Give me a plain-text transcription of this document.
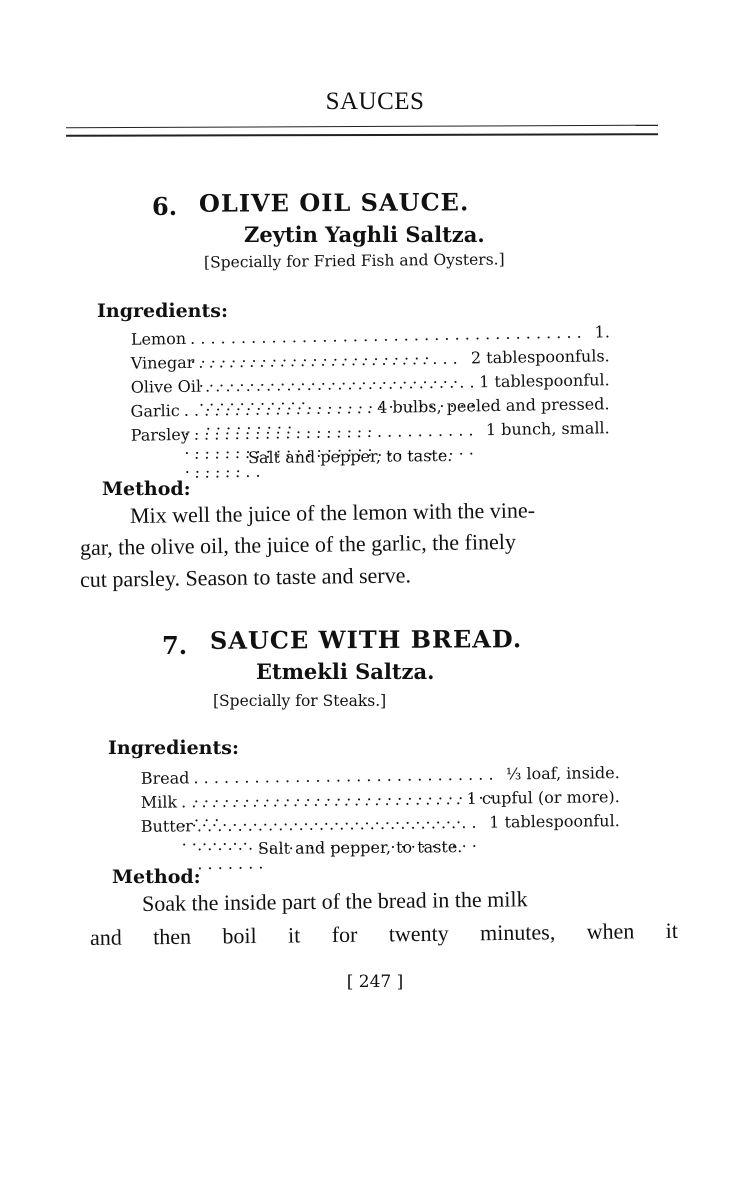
SAUCES
6. OLIVE OIL SAUCE.
Zeytin Yaghli Saltza.
[Specially for Fried Fish and Oysters.]
Ingredients:
Lemon . . .	1.
Vinegar . . .	2 tablespoonfuls.
Olive Oil . . .	1 tablespoonful.
Garlic . . .	4 bulbs, peeled and pressed.
Parsley . . .	1 bunch, small.
Salt and pepper, to taste.
Method:
Mix well the juice of the lemon with the vine-
gar, the olive oil, the juice of the garlic, the finely
cut parsley. Season to taste and serve.
7. SAUCE WITH BREAD.
Etmekli Saltza.
[Specially for Steaks.]
Ingredients:
Bread . . .	⅓ loaf, inside.
Milk . . .	1 cupful (or more).
Butter . . .	1 tablespoonful.
Salt and pepper, to taste.
Method:
Soak the inside part of the bread in the milk
and then boil it for twenty minutes, when it
[ 247 ]
